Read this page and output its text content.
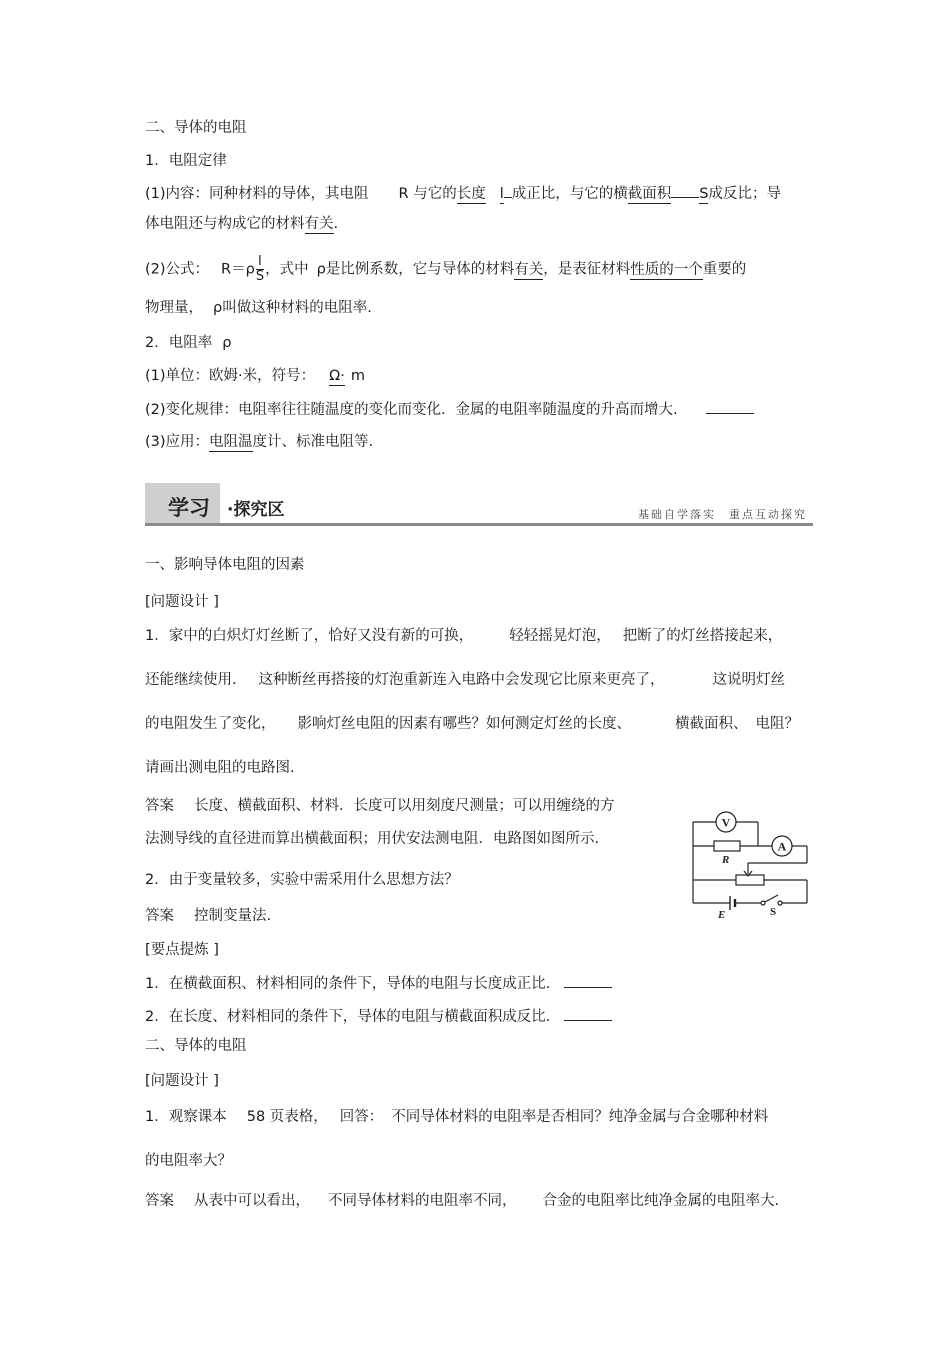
二、导体的电阻
1．电阻定律
(1)内容：同种材料的导体，其电阻 R 与它的长度 l 成正比，与它的横截面积 S成反比；导
体电阻还与构成它的材料有关.
(2)公式： $R=\rho \frac{l}{S}$ ，式中 ρ是比例系数，它与导体的材料有关，是表征材料性质的一个重要的
物理量， ρ叫做这种材料的电阻率.
2．电阻率 ρ
(1)单位：欧姆·米，符号： Ω· m
(2)变化规律：电阻率往往随温度的变化而变化．金属的电阻率随温度的升高而增大.
(3)应用：电阻温度计、标准电阻等.
学习 ·探究区	基础自学落实　重点互动探究
一、影响导体电阻的因素
[问题设计 ]
1．家中的白炽灯灯丝断了，恰好又没有新的可换， 轻轻摇晃灯泡， 把断了的灯丝搭接起来，
还能继续使用． 这种断丝再搭接的灯泡重新连入电路中会发现它比原来更亮了，	这说明灯丝
的电阻发生了变化， 影响灯丝电阻的因素有哪些？如何测定灯丝的长度、	横截面积、 电阻？
请画出测电阻的电路图.
答案 长度、横截面积、材料．长度可以用刻度尺测量；可以用缠绕的方
法测导线的直径进而算出横截面积；用伏安法测电阻．电路图如图所示.
2．由于变量较多，实验中需采用什么思想方法？
答案 控制变量法.
[要点提炼 ]
1．在横截面积、材料相同的条件下，导体的电阻与长度成正比.
2．在长度、材料相同的条件下，导体的电阻与横截面积成反比.
二、导体的电阻
[问题设计 ]
1．观察课本 58 页表格， 回答： 不同导体材料的电阻率是否相同？纯净金属与合金哪种材料
的电阻率大？
答案 从表中可以看出， 不同导体材料的电阻率不同， 合金的电阻率比纯净金属的电阻率大.
V
R
A
E	S
